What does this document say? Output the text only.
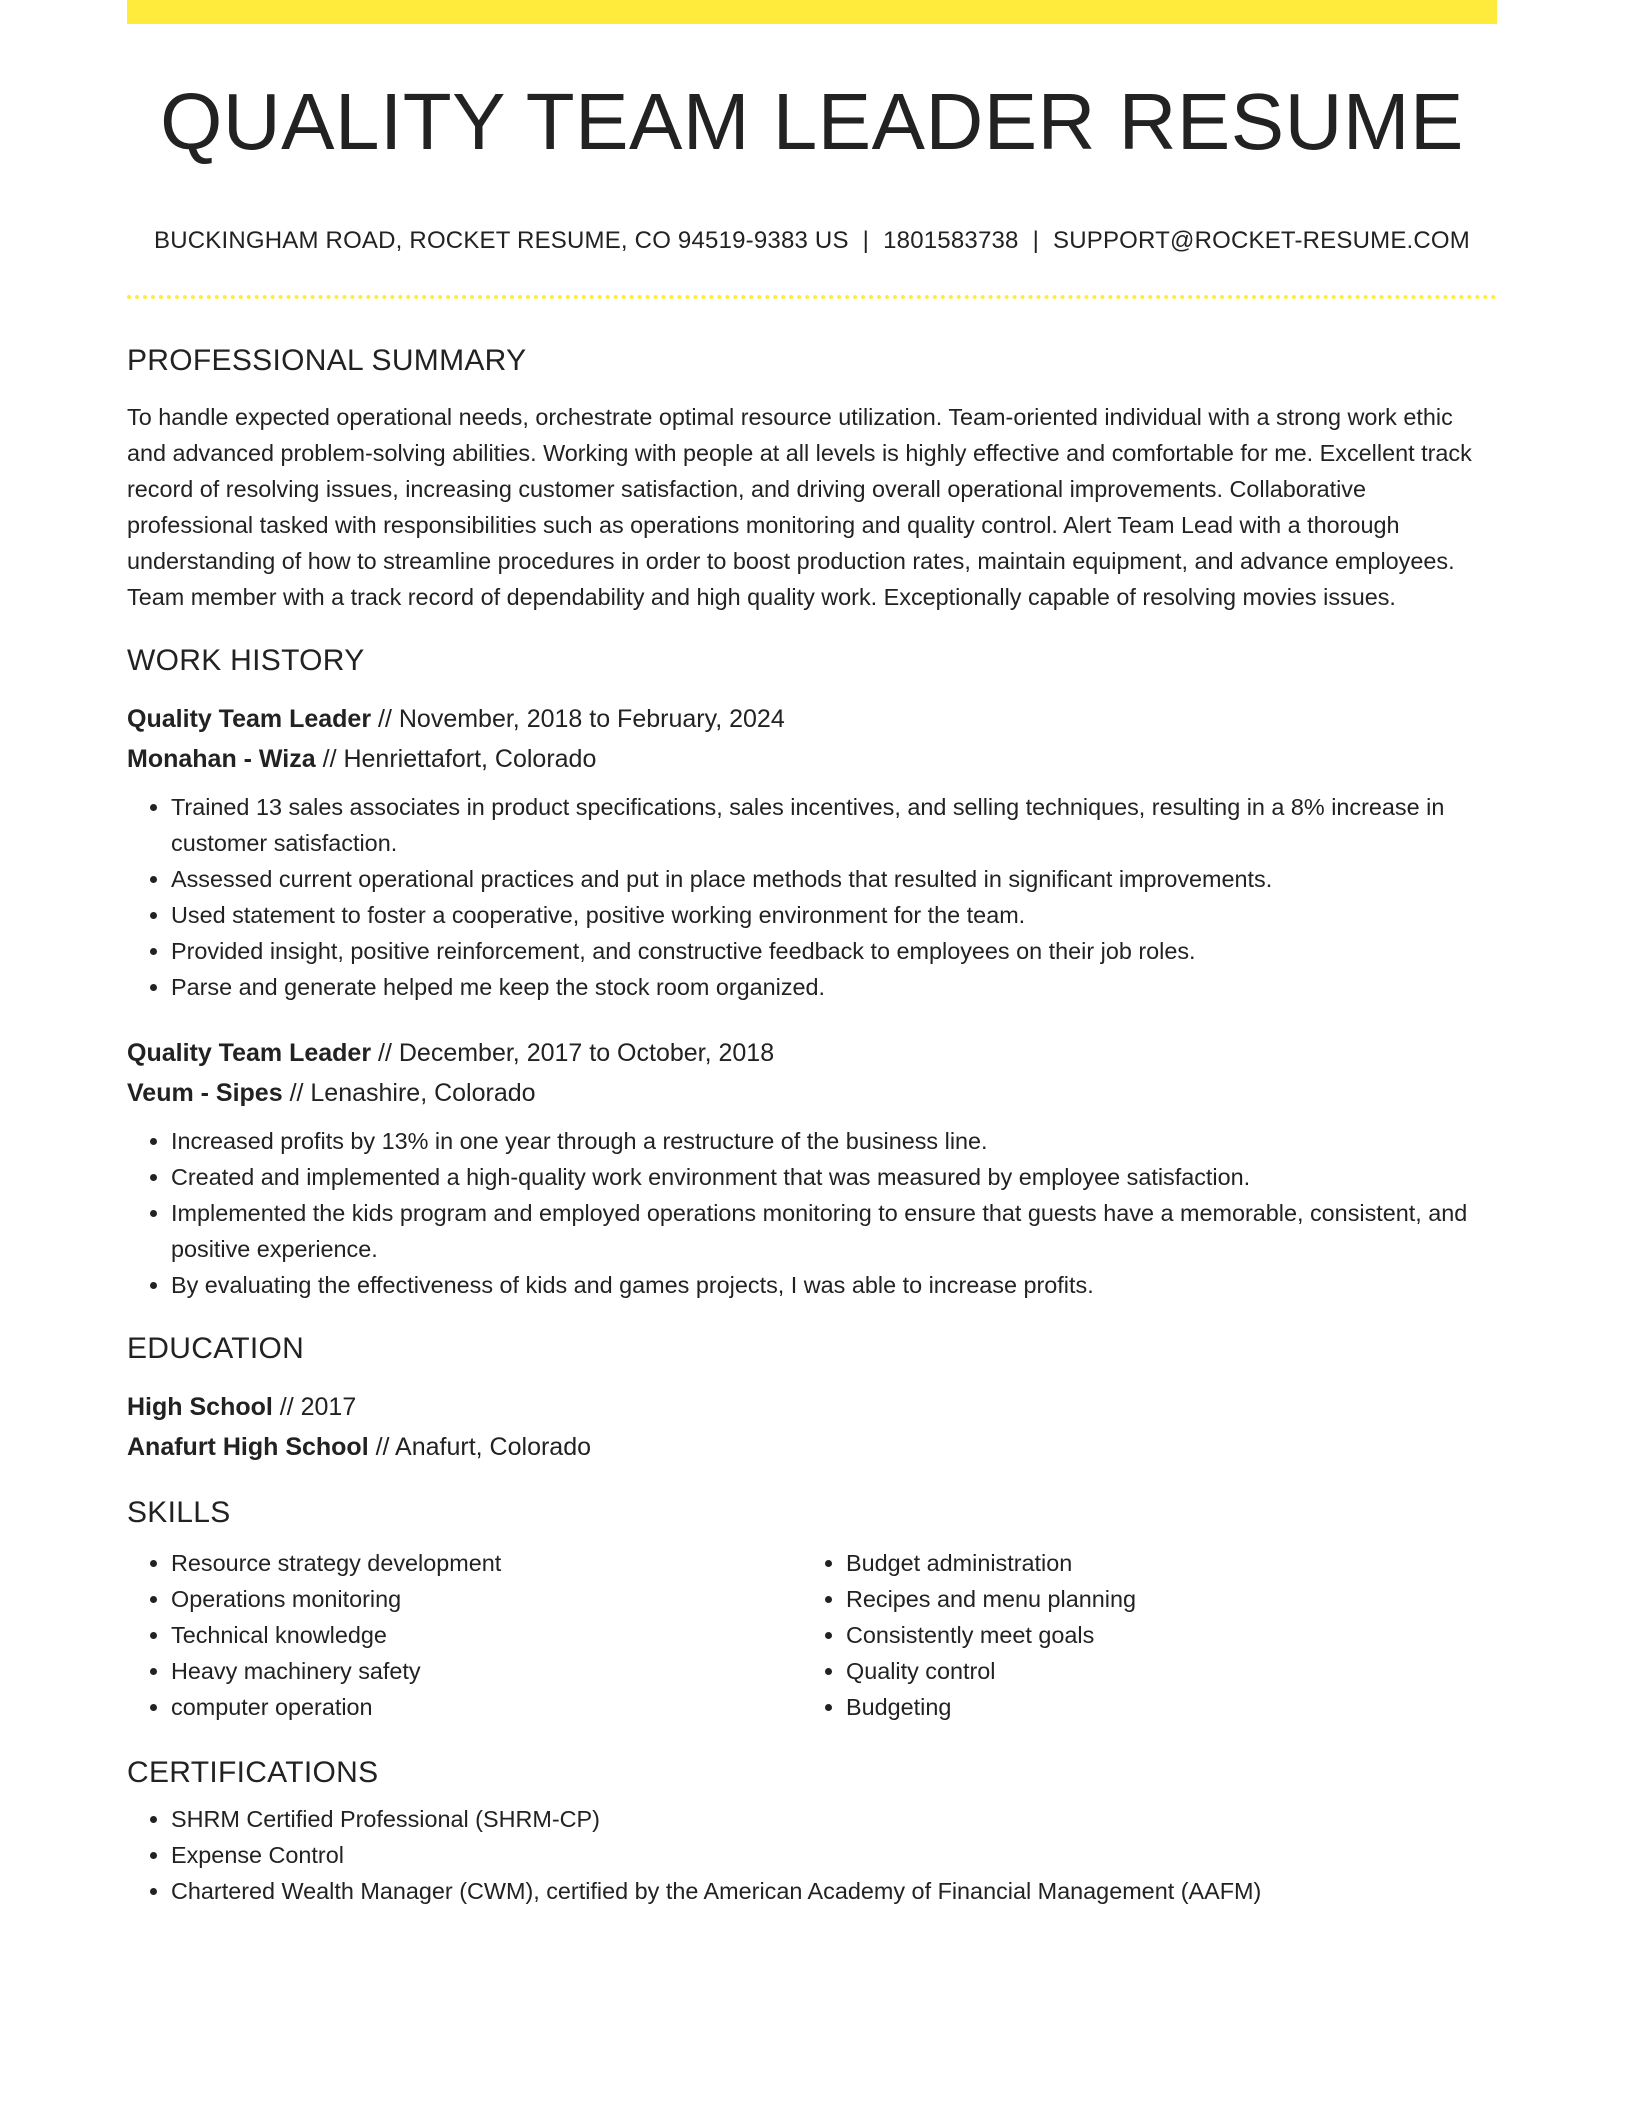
QUALITY TEAM LEADER RESUME
BUCKINGHAM ROAD, ROCKET RESUME, CO 94519-9383 US | 1801583738 | SUPPORT@ROCKET-RESUME.COM
PROFESSIONAL SUMMARY

To handle expected operational needs, orchestrate optimal resource utilization. Team-oriented individual with a strong work ethic and advanced problem-solving abilities. Working with people at all levels is highly effective and comfortable for me. Excellent track record of resolving issues, increasing customer satisfaction, and driving overall operational improvements. Collaborative professional tasked with responsibilities such as operations monitoring and quality control. Alert Team Lead with a thorough understanding of how to streamline procedures in order to boost production rates, maintain equipment, and advance employees. Team member with a track record of dependability and high quality work. Exceptionally capable of resolving movies issues.

WORK HISTORY
Quality Team Leader // November, 2018 to February, 2024
Monahan - Wiza // Henriettafort, Colorado
• Trained 13 sales associates in product specifications, sales incentives, and selling techniques, resulting in a 8% increase in customer satisfaction.
• Assessed current operational practices and put in place methods that resulted in significant improvements.
• Used statement to foster a cooperative, positive working environment for the team.
• Provided insight, positive reinforcement, and constructive feedback to employees on their job roles.
• Parse and generate helped me keep the stock room organized.
Quality Team Leader // December, 2017 to October, 2018
Veum - Sipes // Lenashire, Colorado
• Increased profits by 13% in one year through a restructure of the business line.
• Created and implemented a high-quality work environment that was measured by employee satisfaction.
• Implemented the kids program and employed operations monitoring to ensure that guests have a memorable, consistent, and positive experience.
• By evaluating the effectiveness of kids and games projects, I was able to increase profits.
EDUCATION
High School // 2017
Anafurt High School // Anafurt, Colorado
SKILLS
• Resource strategy development
• Operations monitoring
• Technical knowledge
• Heavy machinery safety
• computer operation
• Budget administration
• Recipes and menu planning
• Consistently meet goals
• Quality control
• Budgeting
CERTIFICATIONS
• SHRM Certified Professional (SHRM-CP)
• Expense Control
• Chartered Wealth Manager (CWM), certified by the American Academy of Financial Management (AAFM)
